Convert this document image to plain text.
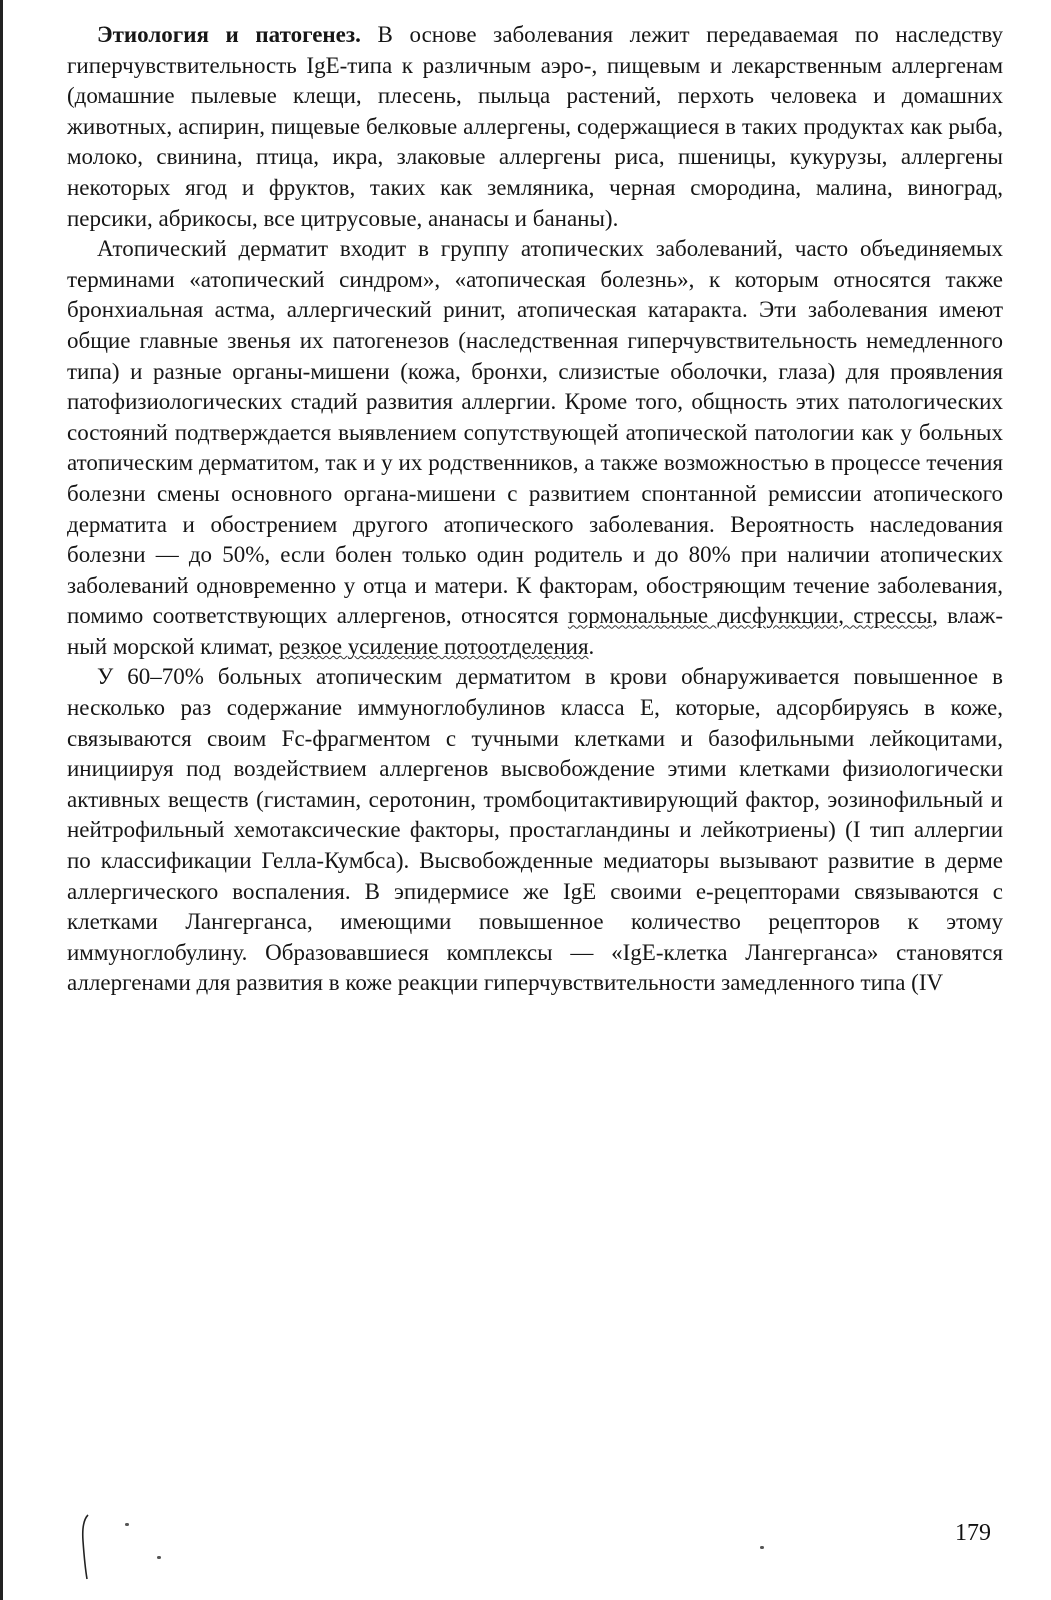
Этиология и патогенез. В основе заболевания лежит передаваемая по наследству гиперчувствительность IgE-типа к различным аэро-, пищевым и лекарственным аллергенам (домашние пылевые клещи, плесень, пыльца растений, перхоть человека и домашних животных, аспирин, пищевые белковые аллергены, содержащиеся в таких продуктах как рыба, молоко, свинина, птица, икра, злаковые аллергены риса, пшеницы, кукурузы, аллергены некоторых ягод и фруктов, таких как земляника, черная смородина, малина, виноград, персики, абрикосы, все цитрусовые, ананасы и бананы).

Атопический дерматит входит в группу атопических заболеваний, часто объединяемых терминами «атопический синдром», «атопическая болезнь», к которым относятся также бронхиальная астма, аллергический ринит, атопическая катаракта. Эти заболевания имеют общие главные звенья их патогенезов (наследственная гиперчувствительность немедленного типа) и разные органы-мишени (кожа, бронхи, слизистые оболочки, глаза) для проявления патофизиологических стадий развития аллергии. Кроме того, общность этих патологических состояний подтверждается выявлением сопутствующей атопической патологии как у больных атопическим дерматитом, так и у их родственников, а также возможностью в процессе течения болезни смены основного органа-мишени с развитием спонтанной ремиссии атопического дерматита и обострением другого атопического заболевания. Вероятность наследования болезни — до 50%, если болен только один родитель и до 80% при наличии атопических заболеваний одновременно у отца и матери. К факторам, обостряющим течение заболевания, помимо соответствующих аллергенов, относятся гормональные дисфункции, стрессы, влажный морской климат, резкое усиление потоотделения.

У 60–70% больных атопическим дерматитом в крови обнаруживается повышенное в несколько раз содержание иммуноглобулинов класса Е, которые, адсорбируясь в коже, связываются своим Fc-фрагментом с тучными клетками и базофильными лейкоцитами, инициируя под воздействием аллергенов высвобождение этими клетками физиологически активных веществ (гистамин, серотонин, тромбоцитактивирующий фактор, эозинофильный и нейтрофильный хемотаксические факторы, простагландины и лейкотриены) (I тип аллергии по классификации Гелла-Кумбса). Высвобожденные медиаторы вызывают развитие в дерме аллергического воспаления. В эпидермисе же IgE своими е-рецепторами связываются с клетками Лангерганса, имеющими повышенное количество рецепторов к этому иммуноглобулину. Образовавшиеся комплексы — «IgE-клетка Лангерганса» становятся аллергенами для развития в коже реакции гиперчувствительности замедленного типа (IV

179
